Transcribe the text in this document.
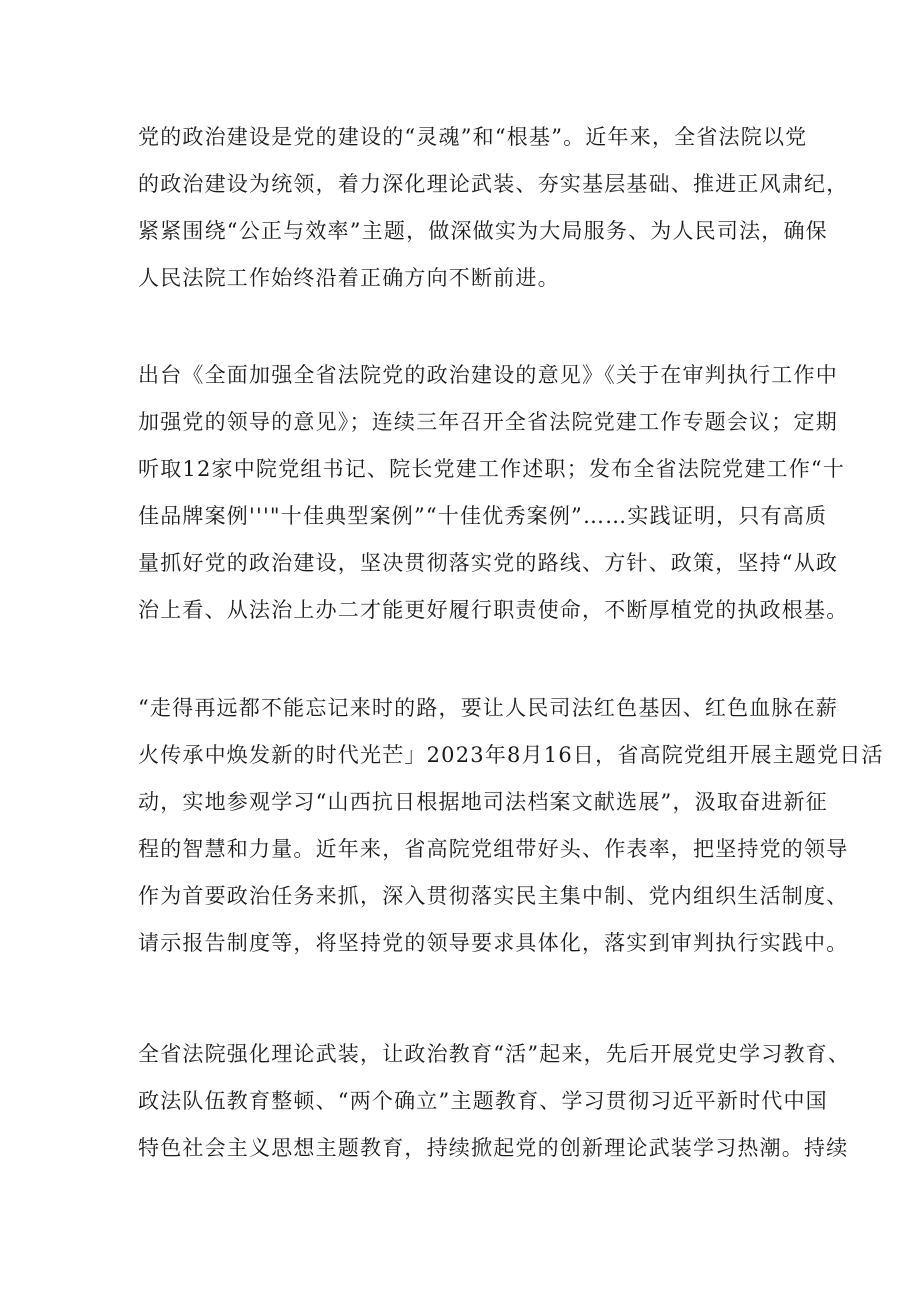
党的政治建设是党的建设的“灵魂”和“根基”。近年来，全省法院以党
的政治建设为统领，着力深化理论武装、夯实基层基础、推进正风肃纪，
紧紧围绕“公正与效率”主题，做深做实为大局服务、为人民司法，确保
人民法院工作始终沿着正确方向不断前进。
出台《全面加强全省法院党的政治建设的意见》《关于在审判执行工作中
加强党的领导的意见》；连续三年召开全省法院党建工作专题会议；定期
听取12家中院党组书记、院长党建工作述职；发布全省法院党建工作“十
佳品牌案例'''"十佳典型案例”“十佳优秀案例”……实践证明，只有高质
量抓好党的政治建设，坚决贯彻落实党的路线、方针、政策，坚持“从政
治上看、从法治上办二才能更好履行职责使命，不断厚植党的执政根基。
“走得再远都不能忘记来时的路，要让人民司法红色基因、红色血脉在薪
火传承中焕发新的时代光芒」2023年8月16日，省高院党组开展主题党日活
动，实地参观学习“山西抗日根据地司法档案文献选展”，汲取奋进新征
程的智慧和力量。近年来，省高院党组带好头、作表率，把坚持党的领导
作为首要政治任务来抓，深入贯彻落实民主集中制、党内组织生活制度、
请示报告制度等，将坚持党的领导要求具体化，落实到审判执行实践中。
全省法院强化理论武装，让政治教育“活”起来，先后开展党史学习教育、
政法队伍教育整顿、“两个确立”主题教育、学习贯彻习近平新时代中国
特色社会主义思想主题教育，持续掀起党的创新理论武装学习热潮。持续
